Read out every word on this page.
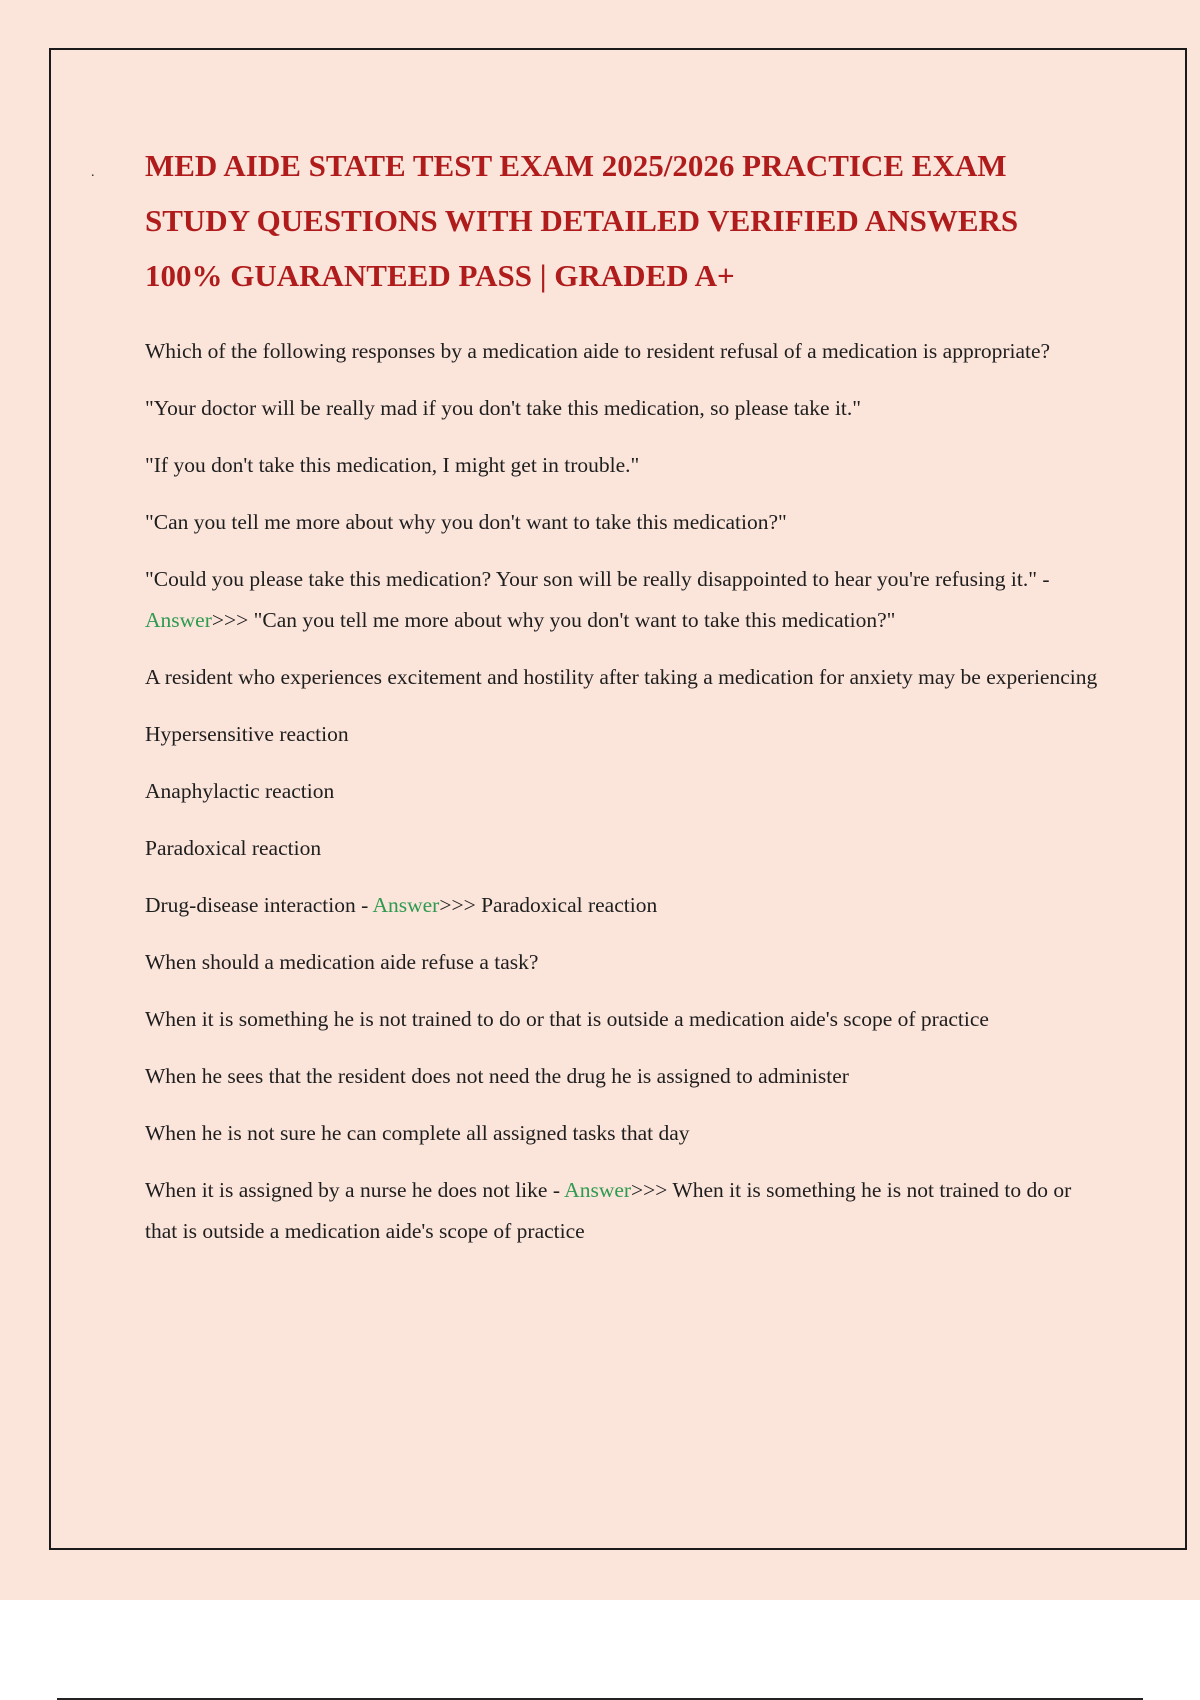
. MED AIDE STATE TEST EXAM 2025/2026 PRACTICE EXAM
STUDY QUESTIONS WITH DETAILED VERIFIED ANSWERS
100% GUARANTEED PASS | GRADED A+

Which of the following responses by a medication aide to resident refusal of a medication is appropriate?

"Your doctor will be really mad if you don't take this medication, so please take it."

"If you don't take this medication, I might get in trouble."

"Can you tell me more about why you don't want to take this medication?"

"Could you please take this medication? Your son will be really disappointed to hear you're refusing it." - Answer>>> "Can you tell me more about why you don't want to take this medication?"

A resident who experiences excitement and hostility after taking a medication for anxiety may be experiencing

Hypersensitive reaction

Anaphylactic reaction

Paradoxical reaction

Drug-disease interaction - Answer>>> Paradoxical reaction

When should a medication aide refuse a task?

When it is something he is not trained to do or that is outside a medication aide's scope of practice

When he sees that the resident does not need the drug he is assigned to administer

When he is not sure he can complete all assigned tasks that day

When it is assigned by a nurse he does not like - Answer>>> When it is something he is not trained to do or that is outside a medication aide's scope of practice
